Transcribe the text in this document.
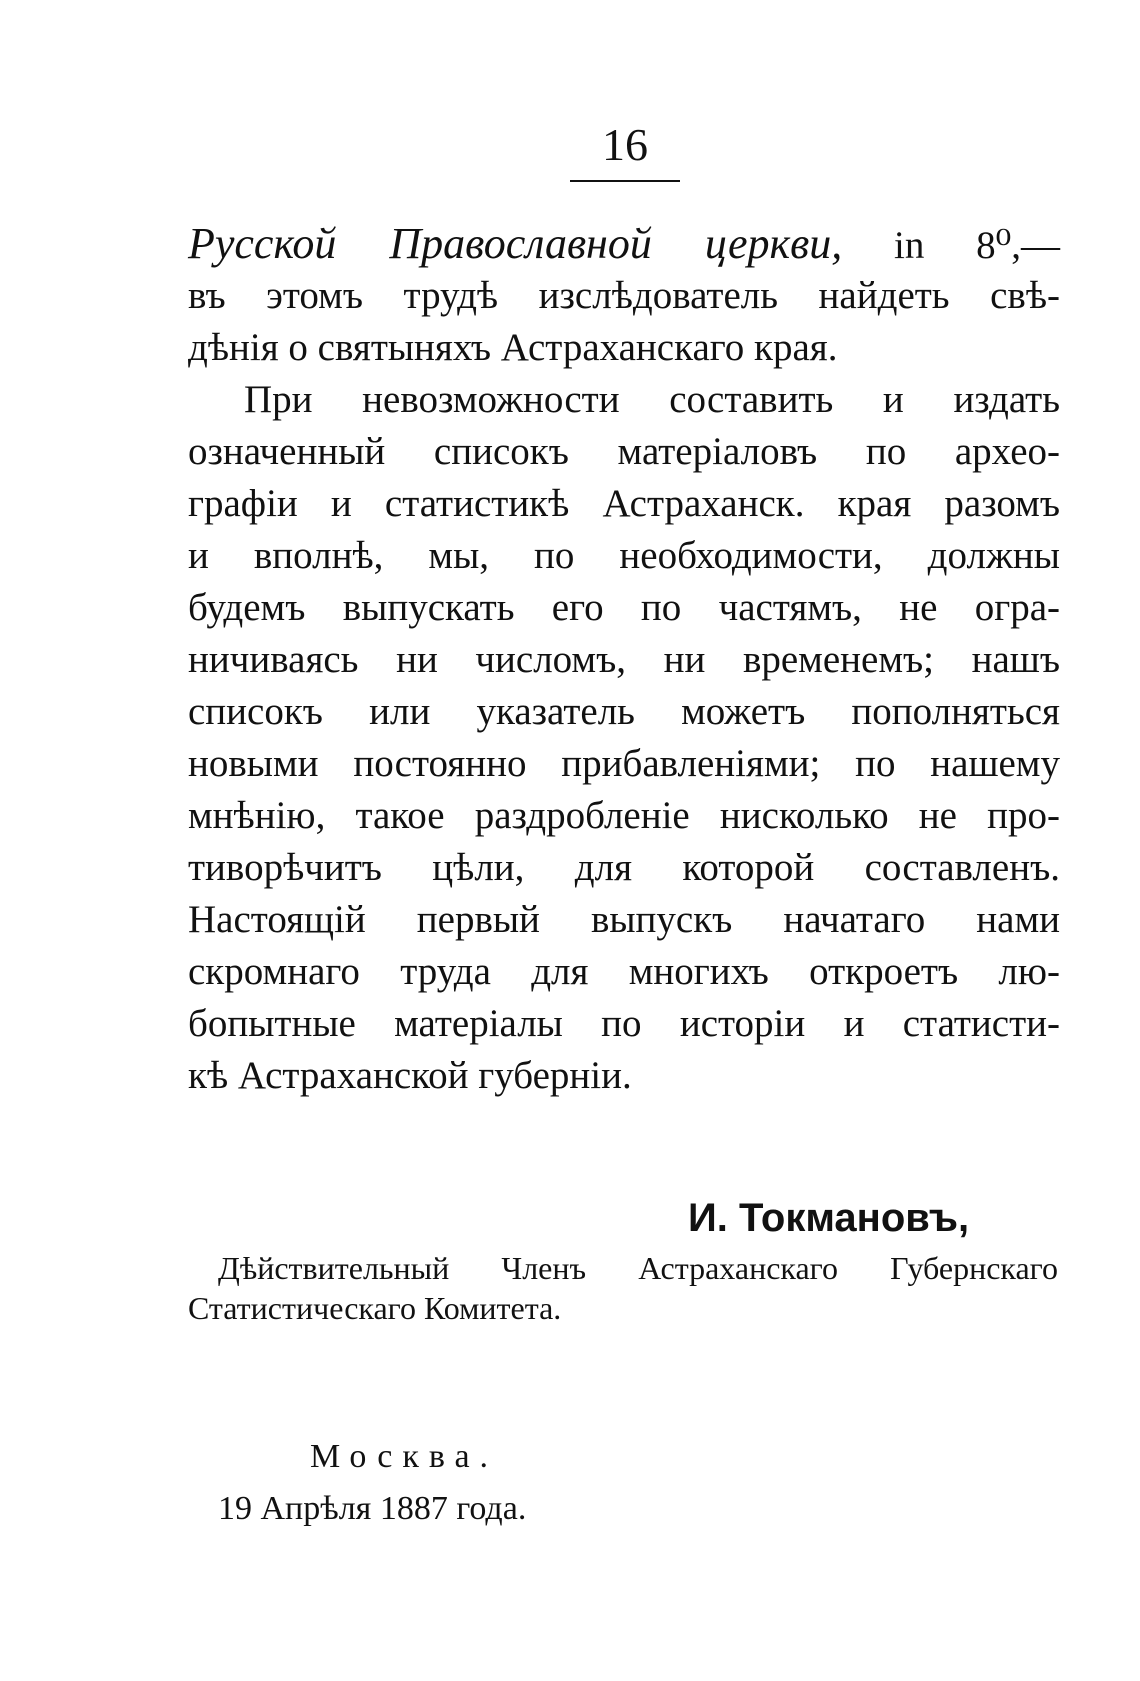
16
Русской Православной церкви, in 8⁰,—
въ этомъ трудѣ изслѣдователь найдеть свѣ-
дѣнія о святыняхъ Астраханскаго края.
При невозможности составить и издать
означенный списокъ матеріаловъ по архео-
графіи и статистикѣ Астраханск. края разомъ
и вполнѣ, мы, по необходимости, должны
будемъ выпускать его по частямъ, не огра-
ничиваясь ни числомъ, ни временемъ; нашъ
списокъ или указатель можетъ пополняться
новыми постоянно прибавленіями; по нашему
мнѣнію, такое раздробленіе нисколько не про-
тиворѣчитъ цѣли, для которой составленъ.
Настоящій первый выпускъ начатаго нами
скромнаго труда для многихъ откроетъ лю-
бопытные матеріалы по исторіи и статисти-
кѣ Астраханской губерніи.
И. Токмановъ,
Дѣйствительный Членъ Астраханскаго Губернскаго
Статистическаго Комитета.
Москва.
19 Апрѣля 1887 года.
